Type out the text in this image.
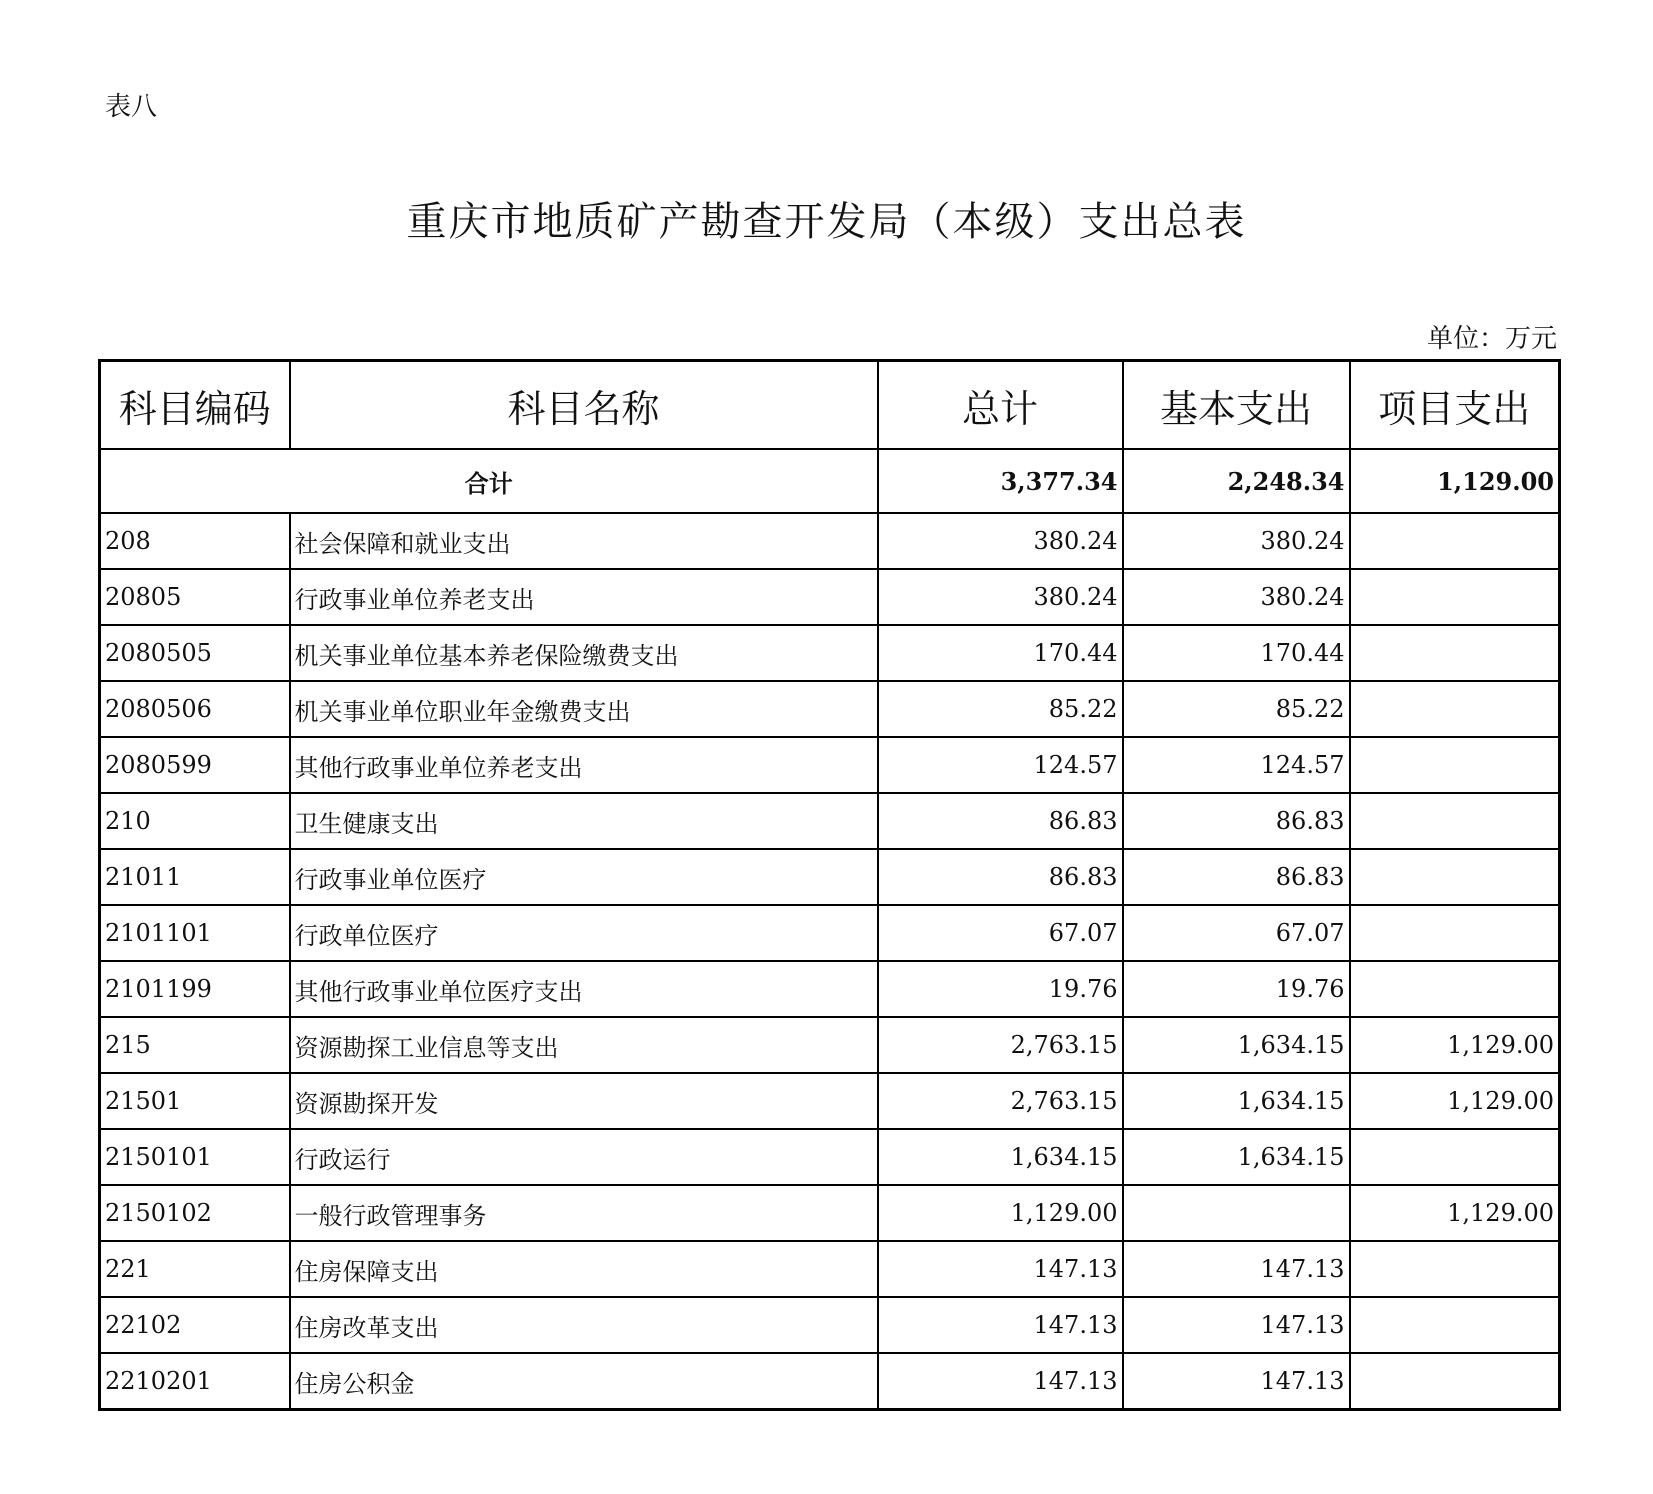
表八
重庆市地质矿产勘查开发局（本级）支出总表
单位：万元
科目编码	科目名称	总计	基本支出	项目支出
合计		3,377.34	2,248.34	1,129.00
208	社会保障和就业支出	380.24	380.24	
20805	行政事业单位养老支出	380.24	380.24	
2080505	机关事业单位基本养老保险缴费支出	170.44	170.44	
2080506	机关事业单位职业年金缴费支出	85.22	85.22	
2080599	其他行政事业单位养老支出	124.57	124.57	
210	卫生健康支出	86.83	86.83	
21011	行政事业单位医疗	86.83	86.83	
2101101	行政单位医疗	67.07	67.07	
2101199	其他行政事业单位医疗支出	19.76	19.76	
215	资源勘探工业信息等支出	2,763.15	1,634.15	1,129.00
21501	资源勘探开发	2,763.15	1,634.15	1,129.00
2150101	行政运行	1,634.15	1,634.15	
2150102	一般行政管理事务	1,129.00		1,129.00
221	住房保障支出	147.13	147.13	
22102	住房改革支出	147.13	147.13	
2210201	住房公积金	147.13	147.13	
